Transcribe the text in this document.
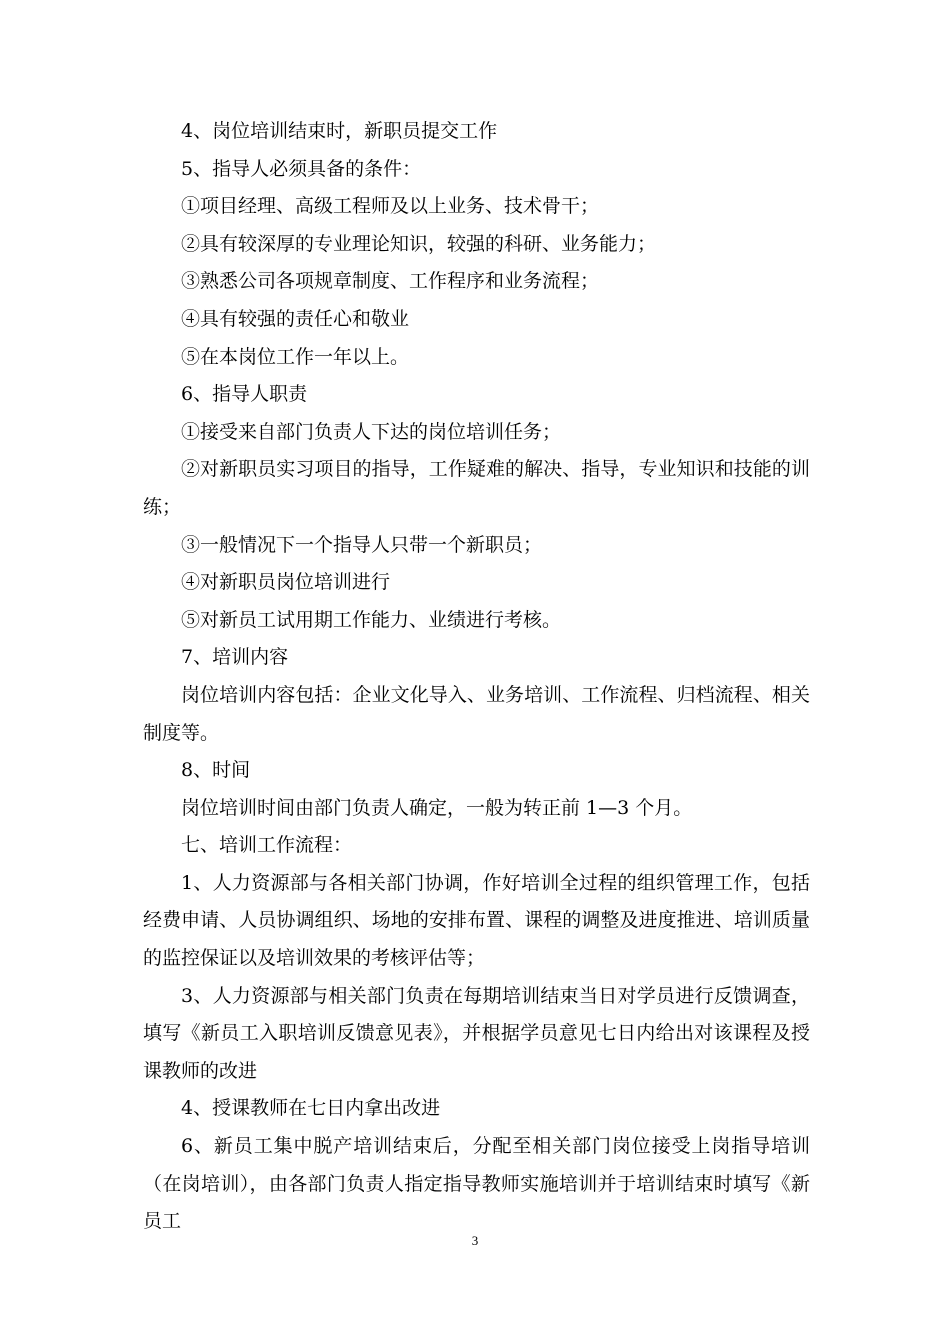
4、岗位培训结束时，新职员提交工作

5、指导人必须具备的条件：

①项目经理、高级工程师及以上业务、技术骨干；

②具有较深厚的专业理论知识，较强的科研、业务能力；

③熟悉公司各项规章制度、工作程序和业务流程；

④具有较强的责任心和敬业

⑤在本岗位工作一年以上。

6、指导人职责

①接受来自部门负责人下达的岗位培训任务；

②对新职员实习项目的指导，工作疑难的解决、指导，专业知识和技能的训练；

③一般情况下一个指导人只带一个新职员；

④对新职员岗位培训进行

⑤对新员工试用期工作能力、业绩进行考核。

7、培训内容

岗位培训内容包括：企业文化导入、业务培训、工作流程、归档流程、相关制度等。

8、时间

岗位培训时间由部门负责人确定，一般为转正前 1—3 个月。

七、培训工作流程：

1、人力资源部与各相关部门协调，作好培训全过程的组织管理工作，包括经费申请、人员协调组织、场地的安排布置、课程的调整及进度推进、培训质量的监控保证以及培训效果的考核评估等；

3、人力资源部与相关部门负责在每期培训结束当日对学员进行反馈调查，填写《新员工入职培训反馈意见表》，并根据学员意见七日内给出对该课程及授课教师的改进

4、授课教师在七日内拿出改进

6、新员工集中脱产培训结束后，分配至相关部门岗位接受上岗指导培训（在岗培训），由各部门负责人指定指导教师实施培训并于培训结束时填写《新员工

3
